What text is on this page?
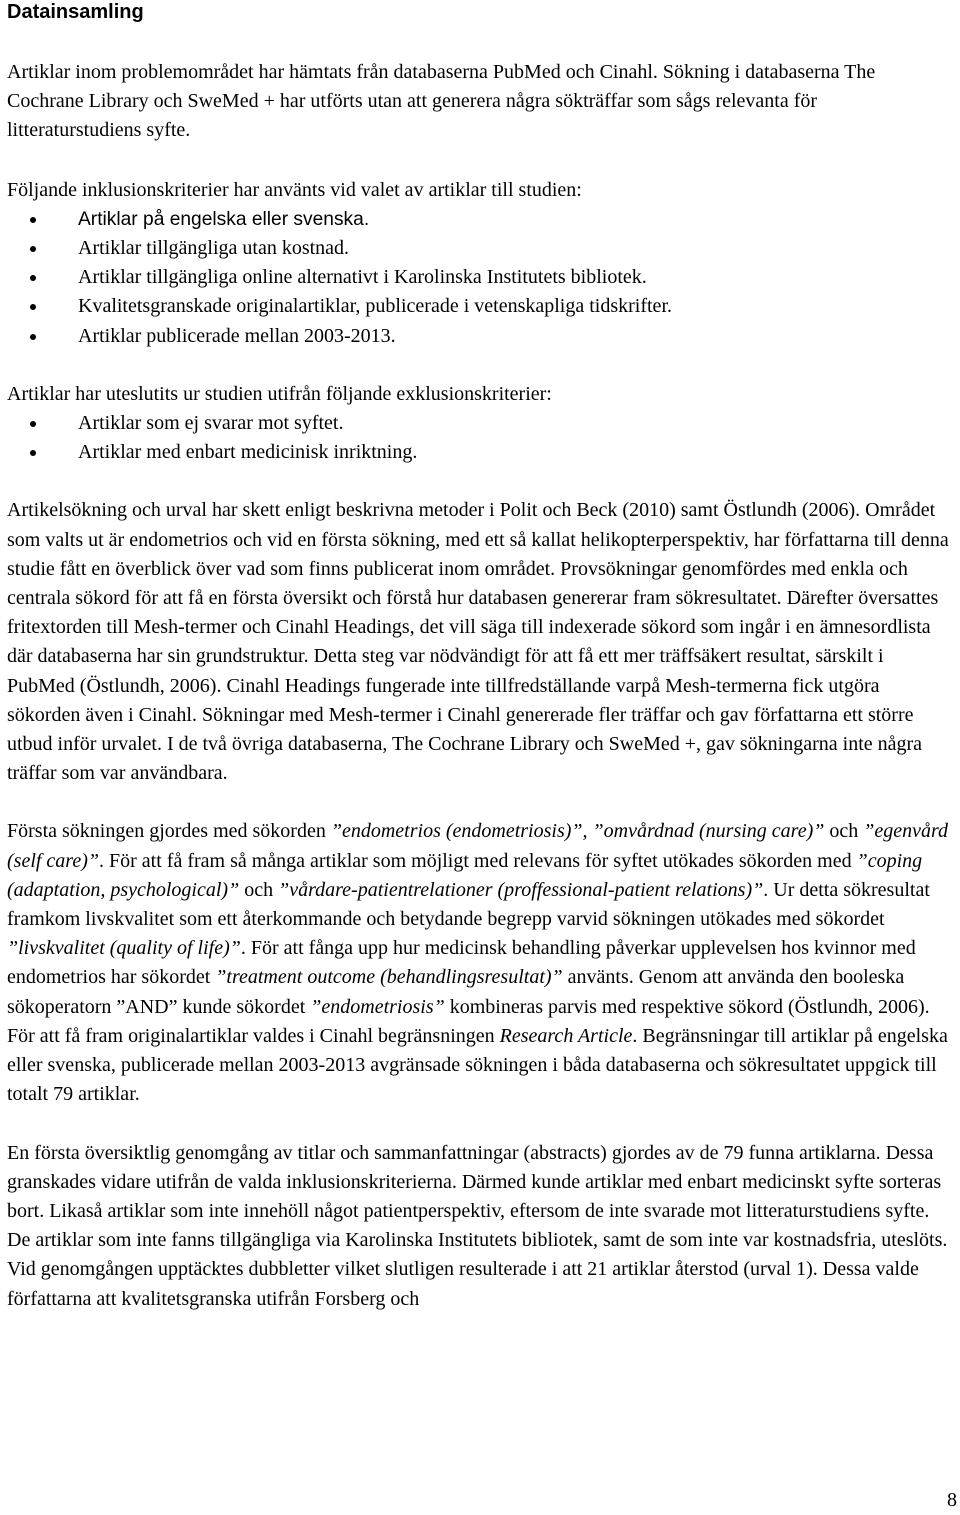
Datainsamling

Artiklar inom problemområdet har hämtats från databaserna PubMed och Cinahl. Sökning i databaserna The Cochrane Library och SweMed + har utförts utan att generera några sökträffar som sågs relevanta för litteraturstudiens syfte.

Följande inklusionskriterier har använts vid valet av artiklar till studien:

Artiklar på engelska eller svenska.
Artiklar tillgängliga utan kostnad.
Artiklar tillgängliga online alternativt i Karolinska Institutets bibliotek.
Kvalitetsgranskade originalartiklar, publicerade i vetenskapliga tidskrifter.
Artiklar publicerade mellan 2003-2013.

Artiklar har uteslutits ur studien utifrån följande exklusionskriterier:

Artiklar som ej svarar mot syftet.
Artiklar med enbart medicinisk inriktning.

Artikelsökning och urval har skett enligt beskrivna metoder i Polit och Beck (2010) samt Östlundh (2006). Området som valts ut är endometrios och vid en första sökning, med ett så kallat helikopterperspektiv, har författarna till denna studie fått en överblick över vad som finns publicerat inom området. Provsökningar genomfördes med enkla och centrala sökord för att få en första översikt och förstå hur databasen genererar fram sökresultatet. Därefter översattes fritextorden till Mesh-termer och Cinahl Headings, det vill säga till indexerade sökord som ingår i en ämnesordlista där databaserna har sin grundstruktur. Detta steg var nödvändigt för att få ett mer träffsäkert resultat, särskilt i PubMed (Östlundh, 2006). Cinahl Headings fungerade inte tillfredställande varpå Mesh-termerna fick utgöra sökorden även i Cinahl. Sökningar med Mesh-termer i Cinahl genererade fler träffar och gav författarna ett större utbud inför urvalet. I de två övriga databaserna, The Cochrane Library och SweMed +, gav sökningarna inte några träffar som var användbara.

Första sökningen gjordes med sökorden ”endometrios (endometriosis)”, ”omvårdnad (nursing care)” och ”egenvård (self care)”. För att få fram så många artiklar som möjligt med relevans för syftet utökades sökorden med ”coping (adaptation, psychological)” och ”vårdare-patientrelationer (proffessional-patient relations)”. Ur detta sökresultat framkom livskvalitet som ett återkommande och betydande begrepp varvid sökningen utökades med sökordet ”livskvalitet (quality of life)”. För att fånga upp hur medicinsk behandling påverkar upplevelsen hos kvinnor med endometrios har sökordet ”treatment outcome (behandlingsresultat)” använts. Genom att använda den booleska sökoperatorn ”AND” kunde sökordet ”endometriosis” kombineras parvis med respektive sökord (Östlundh, 2006). För att få fram originalartiklar valdes i Cinahl begränsningen Research Article. Begränsningar till artiklar på engelska eller svenska, publicerade mellan 2003-2013 avgränsade sökningen i båda databaserna och sökresultatet uppgick till totalt 79 artiklar.

En första översiktlig genomgång av titlar och sammanfattningar (abstracts) gjordes av de 79 funna artiklarna. Dessa granskades vidare utifrån de valda inklusionskriterierna. Därmed kunde artiklar med enbart medicinskt syfte sorteras bort. Likaså artiklar som inte innehöll något patientperspektiv, eftersom de inte svarade mot litteraturstudiens syfte. De artiklar som inte fanns tillgängliga via Karolinska Institutets bibliotek, samt de som inte var kostnadsfria, uteslöts. Vid genomgången upptäcktes dubbletter vilket slutligen resulterade i att 21 artiklar återstod (urval 1). Dessa valde författarna att kvalitetsgranska utifrån Forsberg och

8
